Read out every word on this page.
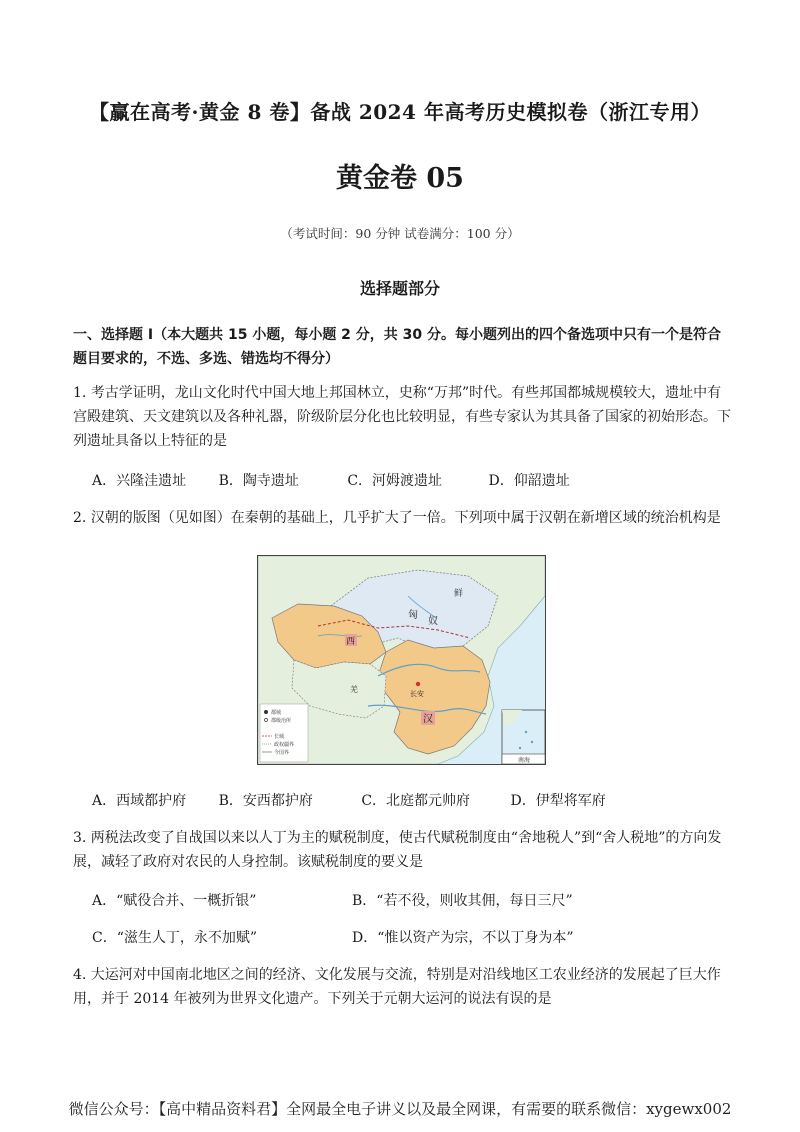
【赢在高考·黄金 8 卷】备战 2024 年高考历史模拟卷（浙江专用）
黄金卷 05
（考试时间：90 分钟 试卷满分：100 分）
选择题部分
一、选择题 I（本大题共 15 小题，每小题 2 分，共 30 分。每小题列出的四个备选项中只有一个是符合题目要求的，不选、多选、错选均不得分）
1. 考古学证明，龙山文化时代中国大地上邦国林立，史称“万邦”时代。有些邦国都城规模较大，遗址中有宫殿建筑、天文建筑以及各种礼器，阶级阶层分化也比较明显，有些专家认为其具备了国家的初始形态。下列遗址具备以上特征的是
A．兴隆洼遗址 B．陶寺遗址	C．河姆渡遗址	D．仰韶遗址
2. 汉朝的版图（见如图）在秦朝的基础上，几乎扩大了一倍。下列项中属于汉朝在新增区域的统治机构是
南海
匈
奴
鲜
西
汉
长安
羌
都城
郡级治所
长城
政权疆界
今国界
A．西域都护府 B．安西都护府	C．北庭都元帅府	D．伊犁将军府
3. 两税法改变了自战国以来以人丁为主的赋税制度，使古代赋税制度由“舍地税人”到“舍人税地”的方向发展，减轻了政府对农民的人身控制。该赋税制度的要义是
A．“赋役合并、一概折银”	B．“若不役，则收其佣，每日三尺”
C．“滋生人丁，永不加赋”	D．“惟以资产为宗，不以丁身为本”
4. 大运河对中国南北地区之间的经济、文化发展与交流，特别是对沿线地区工农业经济的发展起了巨大作用，并于 2014 年被列为世界文化遗产。下列关于元朝大运河的说法有误的是
微信公众号：【高中精品资料君】全网最全电子讲义以及最全网课，有需要的联系微信：xygewx002
